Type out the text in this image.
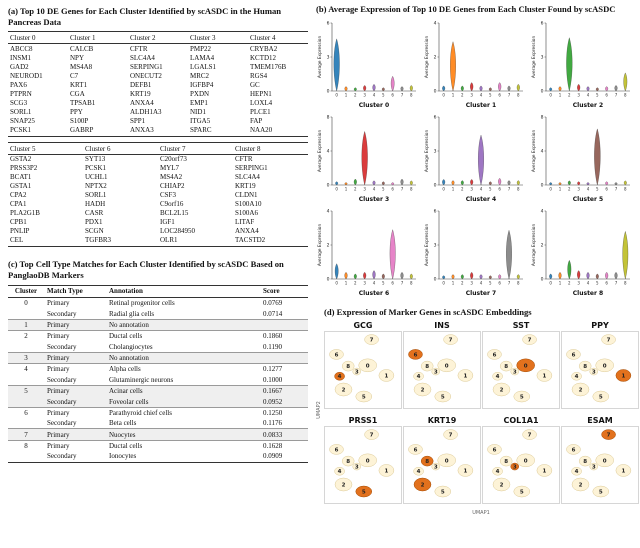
(a) Top 10 DE Genes for Each Cluster Identified by scASDC in the Human Pancreas Data
Cluster 0	Cluster 1	Cluster 2	Cluster 3	Cluster 4
ABCC8	CALCB	CFTR	PMP22	CRYBA2
INSM1	NPY	SLC4A4	LAMA4	KCTD12
GAD2	MS4A8	SERPING1	LGALS1	TMEM176B
NEUROD1	C7	ONECUT2	MRC2	RGS4
PAX6	KRT1	DEFB1	IGFBP4	GC
PTPRN	CGA	KRT19	PXDN	HEPN1
SCG3	TPSAB1	ANXA4	EMP1	LOXL4
SORL1	PPY	ALDH1A3	NID1	PLCE1
SNAP25	S100P	SPP1	ITGA5	FAP
PCSK1	GABRP	ANXA3	SPARC	NAA20
Cluster 5	Cluster 6	Cluster 7	Cluster 8
GSTA2	SYT13	C20orf73	CFTR
PRSS3P2	PCSK1	MYL7	SERPING1
BCAT1	UCHL1	MS4A2	SLC4A4
GSTA1	NPTX2	CHIAP2	KRT19
CPA2	SORL1	CSF3	CLDN1
CPA1	HADH	C9orf16	S100A10
PLA2G1B	CASR	BCL2L15	S100A6
CPB1	PDX1	IGF1	LITAF
PNLIP	SCGN	LOC284950	ANXA4
CEL	TGFBR3	OLR1	TACSTD2
(c) Top Cell Type Matches for Each Cluster Identified by scASDC Based on PanglaoDB Markers
Cluster	Match Type	Annotation	Score
0	Primary	Retinal progenitor cells	0.0769
	Secondary	Radial glia cells	0.0714
1	Primary	No annotation	
2	Primary	Ductal cells	0.1860
	Secondary	Cholangiocytes	0.1190
3	Primary	No annotation	
4	Primary	Alpha cells	0.1277
	Secondary	Glutaminergic neurons	0.1000
5	Primary	Acinar cells	0.1667
	Secondary	Foveolar cells	0.0952
6	Primary	Parathyroid chief cells	0.1250
	Secondary	Beta cells	0.1176
7	Primary	Nuocytes	0.0833
8	Primary	Ductal cells	0.1628
	Secondary	Ionocytes	0.0909
(b) Average Expression of Top 10 DE Genes from Each Cluster Found by scASDC
0
3
6
0 1 2 3 4 5 6 7 8
Cluster 0
Average Expression
0
2
4
0 1 2 3 4 5 6 7 8
Cluster 1
Average Expression
0
3
6
0 1 2 3 4 5 6 7 8
Cluster 2
Average Expression
0
4
8
0 1 2 3 4 5 6 7 8
Cluster 3
Average Expression
0
3
6
0 1 2 3 4 5 6 7 8
Cluster 4
Average Expression
0
4
8
0 1 2 3 4 5 6 7 8
Cluster 5
Average Expression
0
2
4
0 1 2 3 4 5 6 7 8
Cluster 6
Average Expression
0
3
6
0 1 2 3 4 5 6 7 8
Cluster 7
Average Expression
0
2
4
0 1 2 3 4 5 6 7 8
Cluster 8
Average Expression
(d) Expression of Marker Genes in scASDC Embeddings
UMAP2
GCG
0
1
2
3
4
5
6
7
8
INS
0
1
2
3
4
5
6
7
8
SST
0
1
2
3
4
5
6
7
8
PPY
0
1
2
3
4
5
6
7
8
PRSS1
0
1
2
3
4
5
6
7
8
KRT19
0
1
2
3
4
5
6
7
8
COL1A1
0
1
2
3
4
5
6
7
8
ESAM
0
1
2
3
4
5
6
7
8
UMAP1
